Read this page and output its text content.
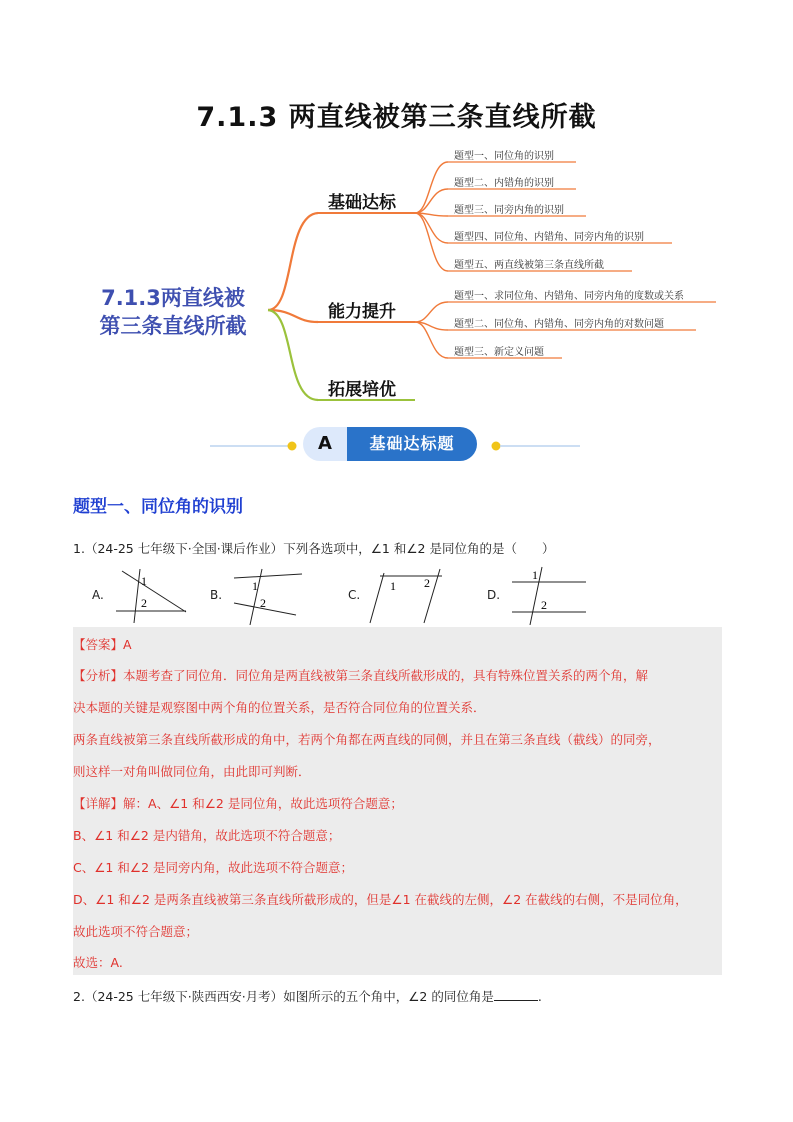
7.1.3 两直线被第三条直线所截
7.1.3两直线被
第三条直线所截
基础达标
能力提升
拓展培优
题型一、同位角的识别
题型二、内错角的识别
题型三、同旁内角的识别
题型四、同位角、内错角、同旁内角的识别
题型五、两直线被第三条直线所截
题型一、求同位角、内错角、同旁内角的度数或关系
题型二、同位角、内错角、同旁内角的对数问题
题型三、新定义问题
A	基础达标题
题型一、同位角的识别
1.（24-25 七年级下·全国·课后作业）下列各选项中，∠1 和∠2 是同位角的是（　　）
A.	B.	C.	D.
1
2
1
2
1 2
1
2
【答案】A
【分析】本题考查了同位角．同位角是两直线被第三条直线所截形成的，具有特殊位置关系的两个角，解
决本题的关键是观察图中两个角的位置关系，是否符合同位角的位置关系．
两条直线被第三条直线所截形成的角中，若两个角都在两直线的同侧，并且在第三条直线（截线）的同旁，
则这样一对角叫做同位角，由此即可判断．
【详解】解：A、∠1 和∠2 是同位角，故此选项符合题意；
B、∠1 和∠2 是内错角，故此选项不符合题意；
C、∠1 和∠2 是同旁内角，故此选项不符合题意；
D、∠1 和∠2 是两条直线被第三条直线所截形成的，但是∠1 在截线的左侧，∠2 在截线的右侧，不是同位角，
故此选项不符合题意；
故选：A.
2.（24-25 七年级下·陕西西安·月考）如图所示的五个角中，∠2 的同位角是	.
